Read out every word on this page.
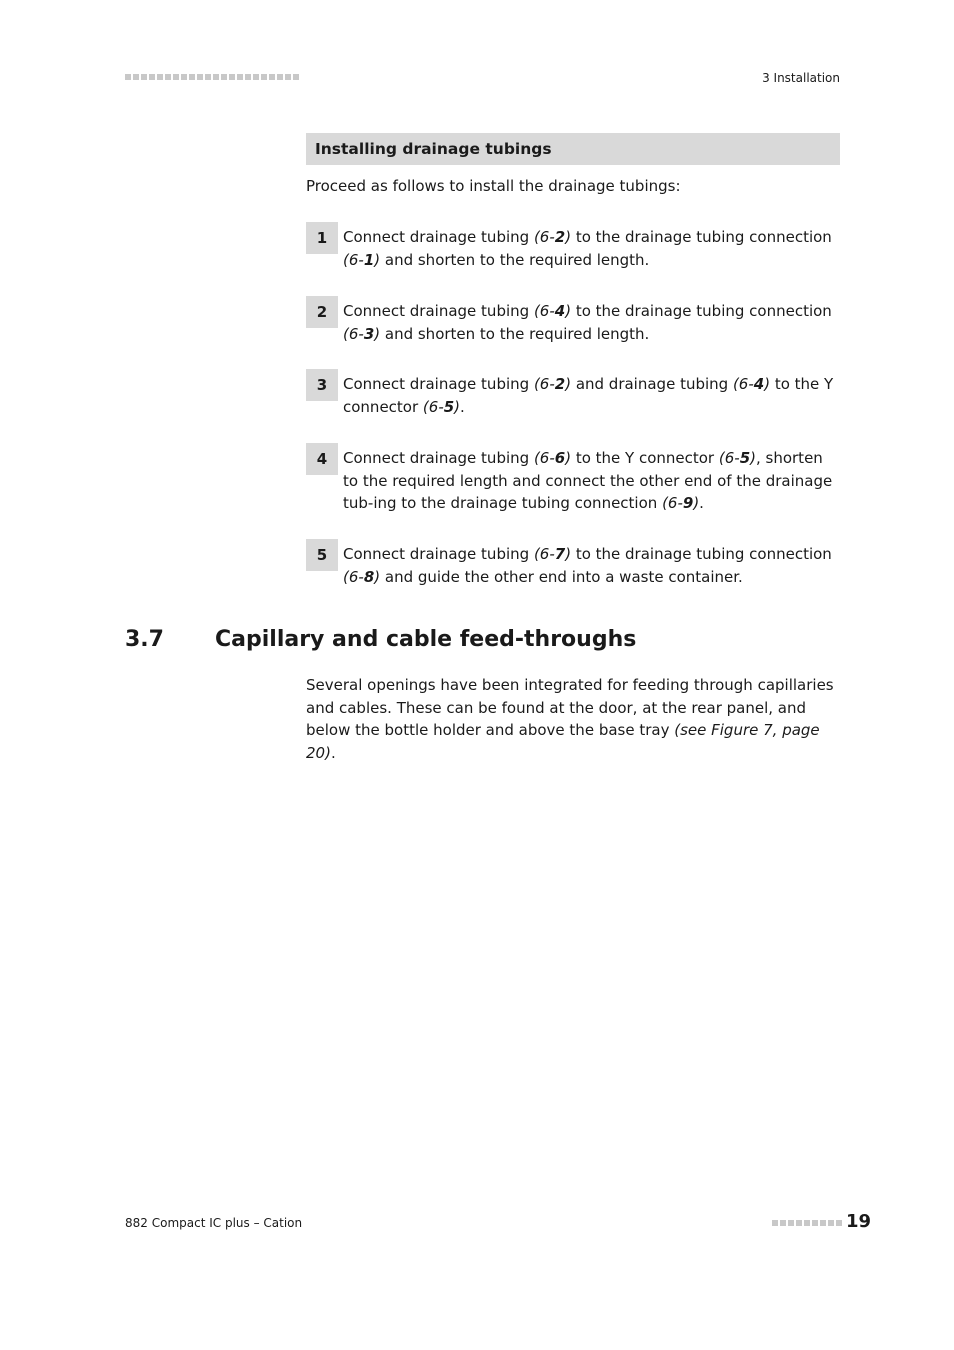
3 Installation
Installing drainage tubings
Proceed as follows to install the drainage tubings:
1	Connect drainage tubing (6-2) to the drainage tubing connection (6-1) and shorten to the required length.
2	Connect drainage tubing (6-4) to the drainage tubing connection (6-3) and shorten to the required length.
3	Connect drainage tubing (6-2) and drainage tubing (6-4) to the Y connector (6-5).
4	Connect drainage tubing (6-6) to the Y connector (6-5), shorten to the required length and connect the other end of the drainage tub-ing to the drainage tubing connection (6-9).
5	Connect drainage tubing (6-7) to the drainage tubing connection (6-8) and guide the other end into a waste container.
3.7 Capillary and cable feed-throughs
Several openings have been integrated for feeding through capillaries and cables. These can be found at the door, at the rear panel, and below the bottle holder and above the base tray (see Figure 7, page 20).
882 Compact IC plus – Cation	19
